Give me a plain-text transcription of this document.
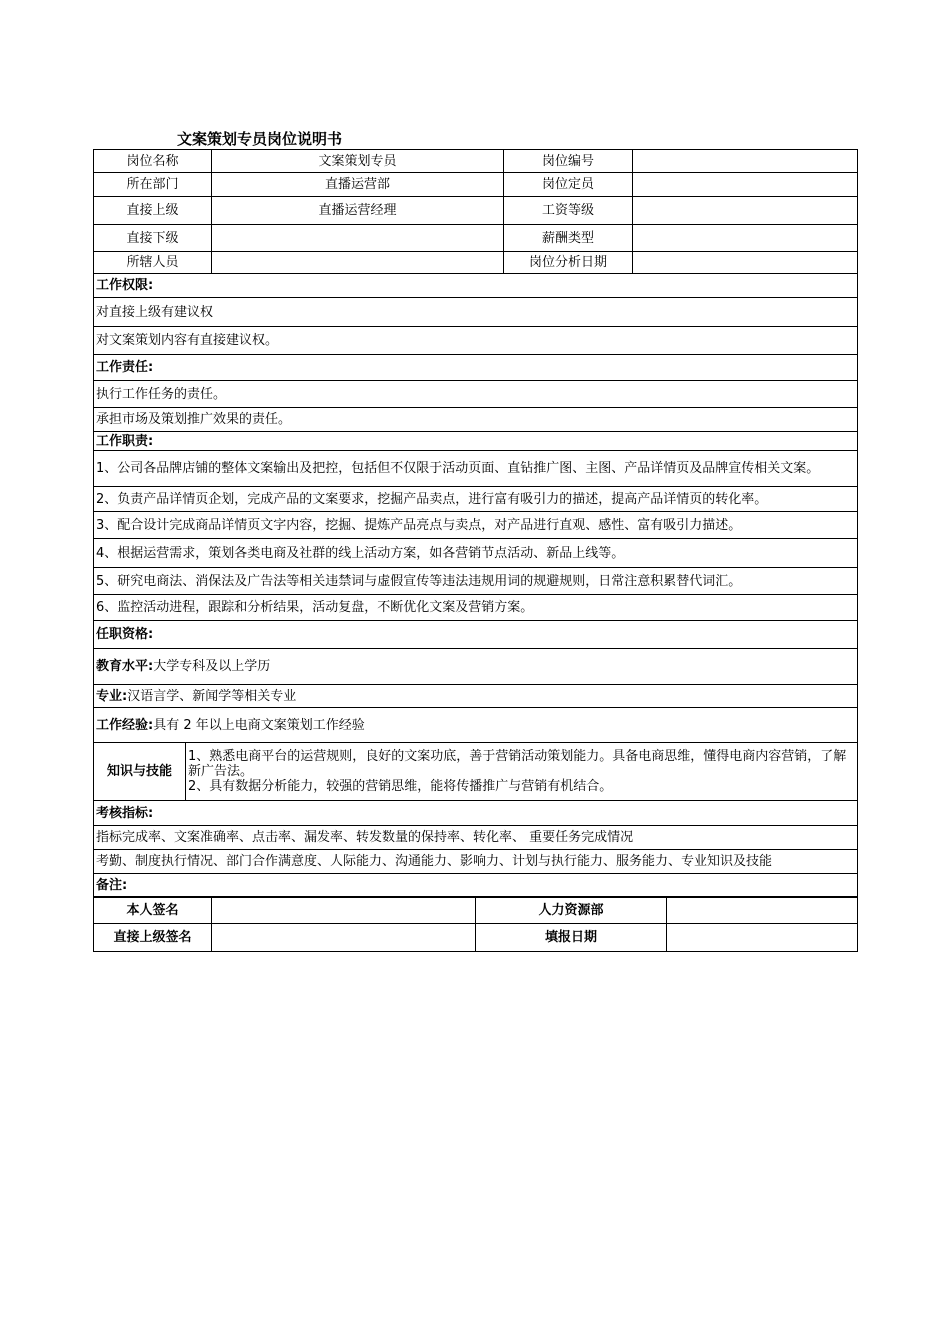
文案策划专员岗位说明书
岗位名称	文案策划专员	岗位编号	
所在部门	直播运营部	岗位定员	
直接上级	直播运营经理	工资等级	
直接下级		薪酬类型	
所辖人员		岗位分析日期	
工作权限:
对直接上级有建议权
对文案策划内容有直接建议权。
工作责任:
执行工作任务的责任。
承担市场及策划推广效果的责任。
工作职责:
1、公司各品牌店铺的整体文案输出及把控，包括但不仅限于活动页面、直钻推广图、主图、产品详情页及品牌宣传相关文案。
2、负责产品详情页企划，完成产品的文案要求，挖掘产品卖点，进行富有吸引力的描述，提高产品详情页的转化率。
3、配合设计完成商品详情页文字内容，挖掘、提炼产品亮点与卖点，对产品进行直观、感性、富有吸引力描述。
4、根据运营需求，策划各类电商及社群的线上活动方案，如各营销节点活动、新品上线等。
5、研究电商法、消保法及广告法等相关违禁词与虚假宣传等违法违规用词的规避规则，日常注意积累替代词汇。
6、监控活动进程，跟踪和分析结果，活动复盘，不断优化文案及营销方案。
任职资格:
教育水平:大学专科及以上学历
专业:汉语言学、新闻学等相关专业
工作经验:具有 2 年以上电商文案策划工作经验
知识与技能	
1、熟悉电商平台的运营规则，良好的文案功底，善于营销活动策划能力。具备电商思维，懂得电商内容营销，了解新广告法。
2、具有数据分析能力，较强的营销思维，能将传播推广与营销有机结合。

考核指标:
指标完成率、文案准确率、点击率、漏发率、转发数量的保持率、转化率、 重要任务完成情况
考勤、制度执行情况、部门合作满意度、人际能力、沟通能力、影响力、计划与执行能力、服务能力、专业知识及技能
备注:
本人签名		人力资源部	
直接上级签名		填报日期	
